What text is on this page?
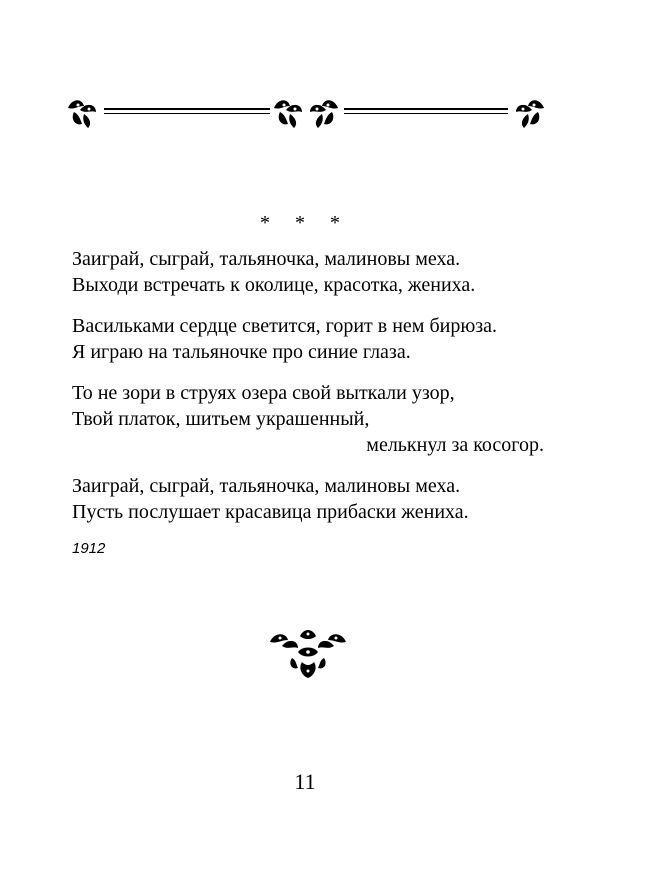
* * *
Заиграй, сыграй, тальяночка, малиновы меха.
Выходи встречать к околице, красотка, жениха.
Васильками сердце светится, горит в нем бирюза.
Я играю на тальяночке про синие глаза.
То не зори в струях озера свой выткали узор,
Твой платок, шитьем украшенный,
мелькнул за косогор.
Заиграй, сыграй, тальяночка, малиновы меха.
Пусть послушает красавица прибаски жениха.
1912
11
